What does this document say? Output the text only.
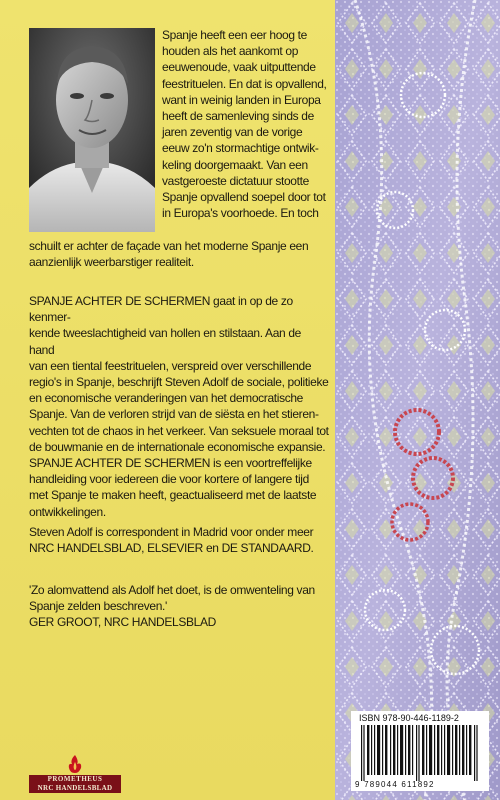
Spanje heeft een eer hoog te
houden als het aankomt op
eeuwenoude, vaak uitputtende
feestrituelen. En dat is opvallend,
want in weinig landen in Europa
heeft de samenleving sinds de
jaren zeventig van de vorige
eeuw zo'n stormachtige ontwik-
keling doorgemaakt. Van een
vastgeroeste dictatuur stootte
Spanje opvallend soepel door tot
in Europa's voorhoede. En toch
schuilt er achter de façade van het moderne Spanje een
aanzienlijk weerbarstiger realiteit.
SPANJE ACHTER DE SCHERMEN gaat in op de zo kenmer-
kende tweeslachtigheid van hollen en stilstaan. Aan de hand
van een tiental feestrituelen, verspreid over verschillende
regio's in Spanje, beschrijft Steven Adolf de sociale, politieke
en economische veranderingen van het democratische
Spanje. Van de verloren strijd van de siësta en het stieren-
vechten tot de chaos in het verkeer. Van seksuele moraal tot
de bouwmanie en de internationale economische expansie.
SPANJE ACHTER DE SCHERMEN is een voortreffelijke
handleiding voor iedereen die voor kortere of langere tijd
met Spanje te maken heeft, geactualiseerd met de laatste
ontwikkelingen.
Steven Adolf is correspondent in Madrid voor onder meer
NRC HANDELSBLAD, ELSEVIER en DE STANDAARD.
'Zo alomvattend als Adolf het doet, is de omwenteling van
Spanje zelden beschreven.'
GER GROOT, NRC HANDELSBLAD
PROMETHEUS
NRC HANDELSBLAD
ISBN 978-90-446-1189-2
9 789044 611892
